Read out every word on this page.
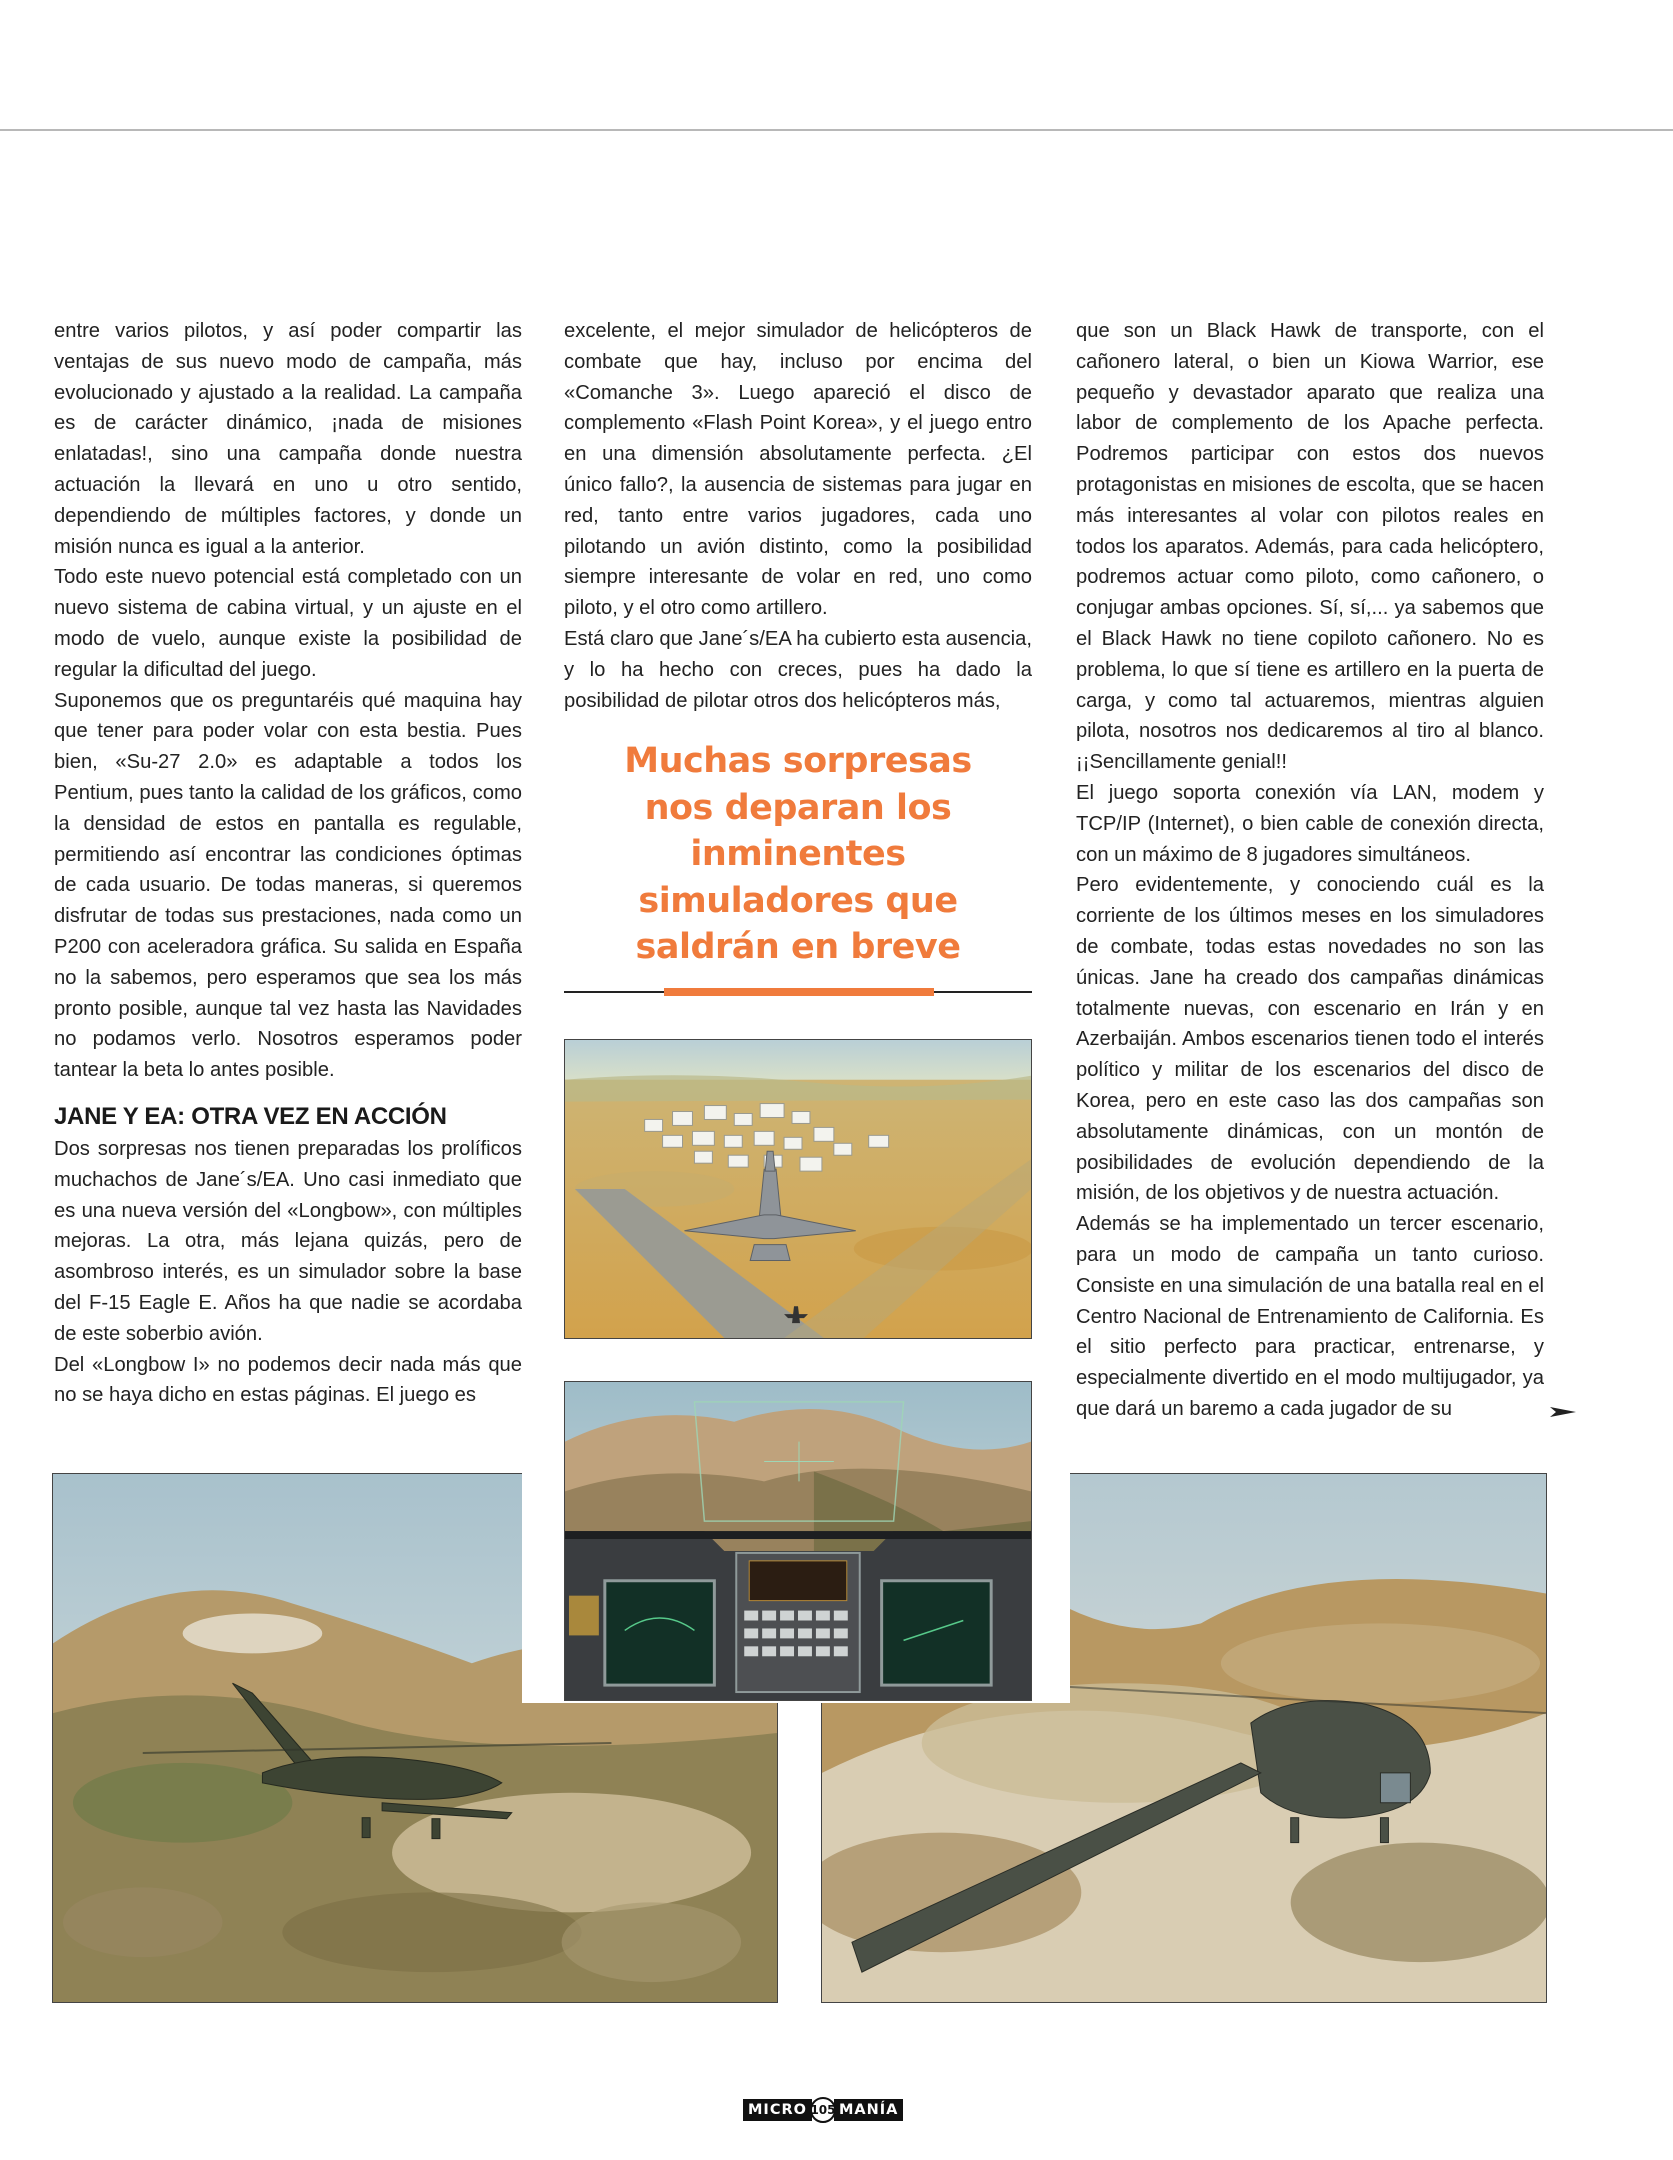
entre varios pilotos, y así poder compartir las ventajas de sus nuevo modo de campaña, más evolucionado y ajustado a la realidad. La campaña es de carácter dinámico, ¡nada de misiones enlatadas!, sino una campaña donde nuestra actuación la llevará en uno u otro sentido, dependiendo de múltiples factores, y donde un misión nunca es igual a la anterior.

Todo este nuevo potencial está completado con un nuevo sistema de cabina virtual, y un ajuste en el modo de vuelo, aunque existe la posibilidad de regular la dificultad del juego.

Suponemos que os preguntaréis qué maquina hay que tener para poder volar con esta bestia. Pues bien, «Su-27 2.0» es adaptable a todos los Pentium, pues tanto la calidad de los gráficos, como la densidad de estos en pantalla es regulable, permitiendo así encontrar las condiciones óptimas de cada usuario. De todas maneras, si queremos disfrutar de todas sus prestaciones, nada como un P200 con aceleradora gráfica. Su salida en España no la sabemos, pero esperamos que sea los más pronto posible, aunque tal vez hasta las Navidades no podamos verlo. Nosotros esperamos poder tantear la beta lo antes posible.

JANE Y EA: OTRA VEZ EN ACCIÓN

Dos sorpresas nos tienen preparadas los prolíficos muchachos de Jane´s/EA. Uno casi inmediato que es una nueva versión del «Longbow», con múltiples mejoras. La otra, más lejana quizás, pero de asombroso interés, es un simulador sobre la base del F-15 Eagle E. Años ha que nadie se acordaba de este soberbio avión.

Del «Longbow I» no podemos decir nada más que no se haya dicho en estas páginas. El juego es

excelente, el mejor simulador de helicópteros de combate que hay, incluso por encima del «Comanche 3». Luego apareció el disco de complemento «Flash Point Korea», y el juego entro en una dimensión absolutamente perfecta. ¿El único fallo?, la ausencia de sistemas para jugar en red, tanto entre varios jugadores, cada uno pilotando un avión distinto, como la posibilidad siempre interesante de volar en red, uno como piloto, y el otro como artillero.

Está claro que Jane´s/EA ha cubierto esta ausencia, y lo ha hecho con creces, pues ha dado la posibilidad de pilotar otros dos helicópteros más,

Muchas sorpresas
nos deparan los
inminentes
simuladores que
saldrán en breve

que son un Black Hawk de transporte, con el cañonero lateral, o bien un Kiowa Warrior, ese pequeño y devastador aparato que realiza una labor de complemento de los Apache perfecta. Podremos participar con estos dos nuevos protagonistas en misiones de escolta, que se hacen más interesantes al volar con pilotos reales en todos los aparatos. Además, para cada helicóptero, podremos actuar como piloto, como cañonero, o conjugar ambas opciones. Sí, sí,... ya sabemos que el Black Hawk no tiene copiloto cañonero. No es problema, lo que sí tiene es artillero en la puerta de carga, y como tal actuaremos, mientras alguien pilota, nosotros nos dedicaremos al tiro al blanco. ¡¡Sencillamente genial!!

El juego soporta conexión vía LAN, modem y TCP/IP (Internet), o bien cable de conexión directa, con un máximo de 8 jugadores simultáneos.

Pero evidentemente, y conociendo cuál es la corriente de los últimos meses en los simuladores de combate, todas estas novedades no son las únicas. Jane ha creado dos campañas dinámicas totalmente nuevas, con escenario en Irán y en Azerbaiján. Ambos escenarios tienen todo el interés político y militar de los escenarios del disco de Korea, pero en este caso las dos campañas son absolutamente dinámicas, con un montón de posibilidades de evolución dependiendo de la misión, de los objetivos y de nuestra actuación.

Además se ha implementado un tercer escenario, para un modo de campaña un tanto curioso. Consiste en una simulación de una batalla real en el Centro Nacional de Entrenamiento de California. Es el sitio perfecto para practicar, entrenarse, y especialmente divertido en el modo multijugador, ya que dará un baremo a cada jugador de su

MICRO 105 MANÍA
